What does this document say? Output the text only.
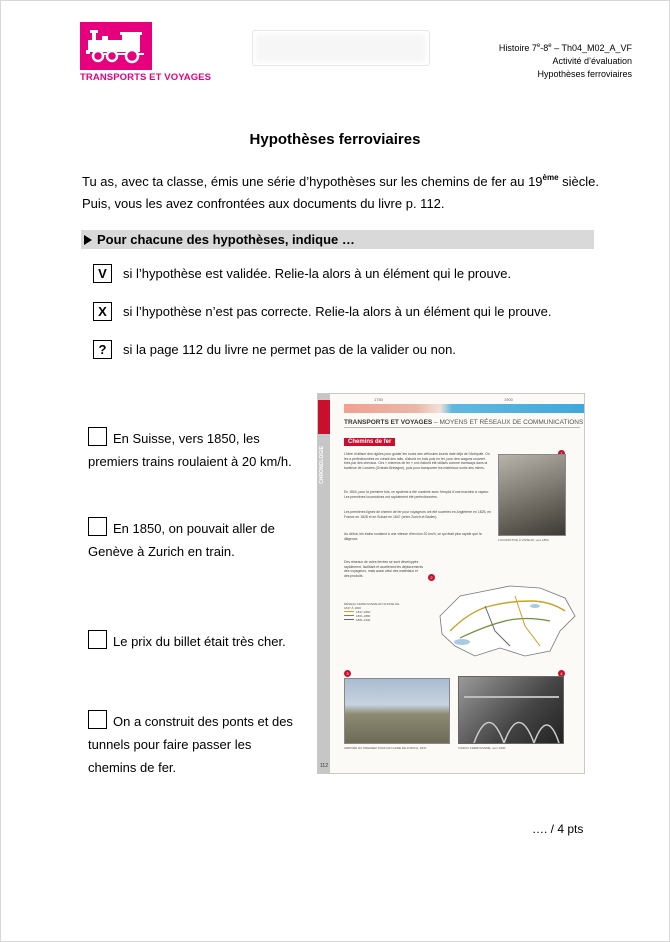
TRANSPORTS ET VOYAGES
Histoire 7e-8e – Th04_M02_A_VF
Activité d’évaluation
Hypothèses ferroviaires
Hypothèses ferroviaires
Tu as, avec ta classe, émis une série d’hypothèses sur les chemins de fer au 19ème siècle. Puis, vous les avez confrontées aux documents du livre p. 112.
Pour chacune des hypothèses, indique …
V	si l’hypothèse est validée. Relie-la alors à un élément qui le prouve.
X	si l’hypothèse n’est pas correcte. Relie-la alors à un élément qui le prouve.
?	si la page 112 du livre ne permet pas de la valider ou non.
En Suisse, vers 1850, les premiers trains roulaient à 20 km/h.
En 1850, on pouvait aller de Genève à Zurich en train.
Le prix du billet était très cher.
On a construit des ponts et des tunnels pour faire passer les chemins de fer.
CHRONOLOGIE
112
1750	1900
TRANSPORTS ET VOYAGES – MOYENS ET RÉSEAUX DE COMMUNICATIONS
Chemins de fer
L’idée d’utiliser des rigoles pour guider les roues des véhicules lourds date déjà de l’Antiquité. On les a perfectionnées en créant des rails, d’abord en bois puis en fer, pour des wagons souvent tirés par des chevaux. Ces « chemins de fer » ont d’abord été utilisés comme tramways dans la banlieue de Londres (Grande-Bretagne), puis pour transporter les matériaux sortis des mines.
En 1804, pour la première fois, ce système a été combiné avec l’emploi d’une machine à vapeur. Les premières locomotives ont rapidement été perfectionnées.
Les premières lignes de chemin de fer pour voyageurs ont été ouvertes en Angleterre en 1825, en France en 1828 et en Suisse en 1847 (entre Zurich et Baden).
Au début, les trains roulaient à une vitesse d’environ 20 km/h, ce qui était plus rapide que la diligence.
Des réseaux de voies ferrées se sont développés rapidement, facilitant et accélérant les déplacements des voyageurs, mais aussi celui des matériaux et des produits.
LOCOMOTIVE À VAPEUR, vers 1850
2
RÉSEAU FERROVIAIRE EN SUISSE DE 1847 À 1900
1847-1860
1861-1880
1881-1900
3
ARRIVÉE DU PREMIER TRAIN EN GARE DE ZURICH, 1847
4
VIADUC FERROVIAIRE, vers 1900
…. / 4 pts
